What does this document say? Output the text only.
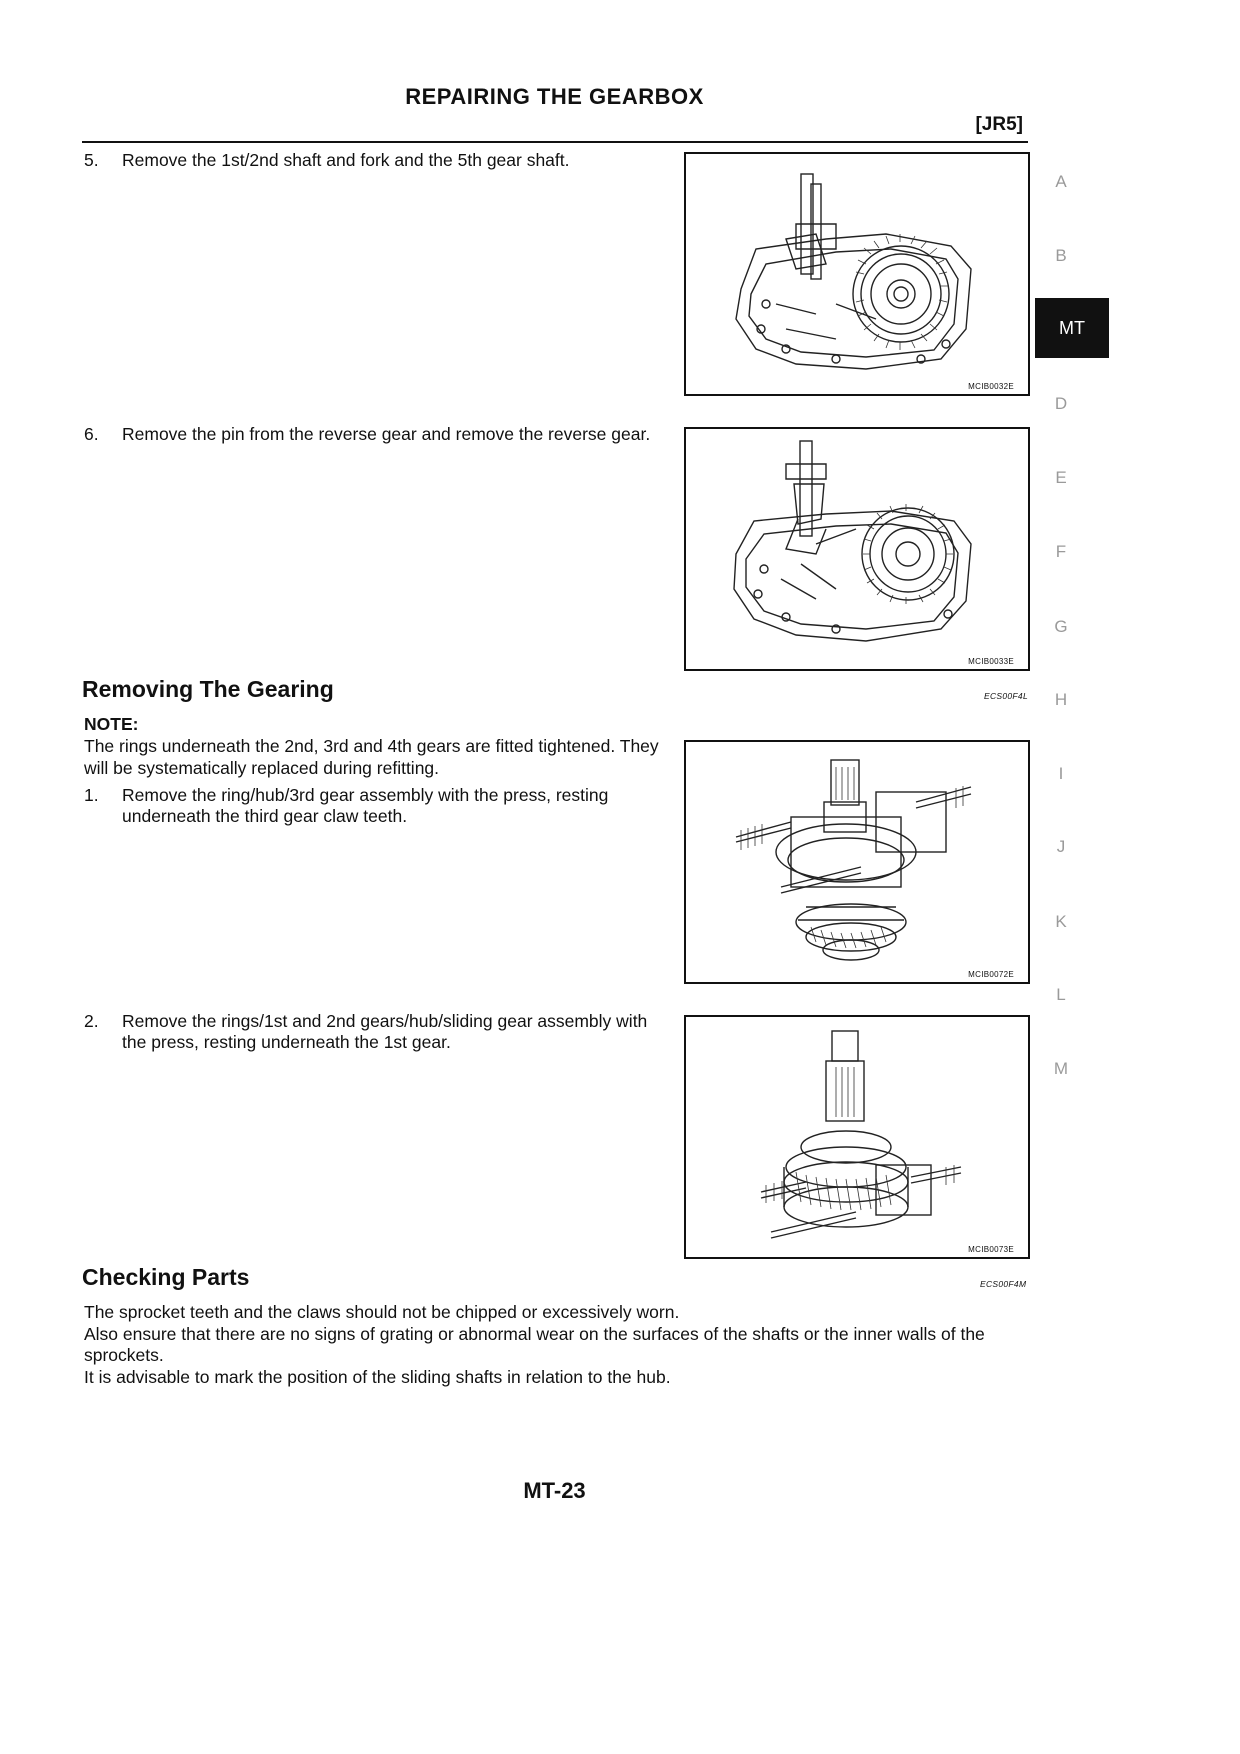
REPAIRING THE GEARBOX
[JR5]
5. Remove the 1st/2nd shaft and fork and the 5th gear shaft.
6. Remove the pin from the reverse gear and remove the reverse gear.
MCIB0032E
MCIB0033E
Removing The Gearing	ECS00F4L
NOTE:
The rings underneath the 2nd, 3rd and 4th gears are fitted tightened. They will be systematically replaced during refitting.
1. Remove the ring/hub/3rd gear assembly with the press, resting underneath the third gear claw teeth.
MCIB0072E
2. Remove the rings/1st and 2nd gears/hub/sliding gear assembly with the press, resting underneath the 1st gear.
MCIB0073E
Checking Parts	ECS00F4M
The sprocket teeth and the claws should not be chipped or excessively worn.
Also ensure that there are no signs of grating or abnormal wear on the surfaces of the shafts or the inner walls of the sprockets.
It is advisable to mark the position of the sliding shafts in relation to the hub.
A
B
MT
D
E
F
G
H
I
J
K
L
M
MT-23
